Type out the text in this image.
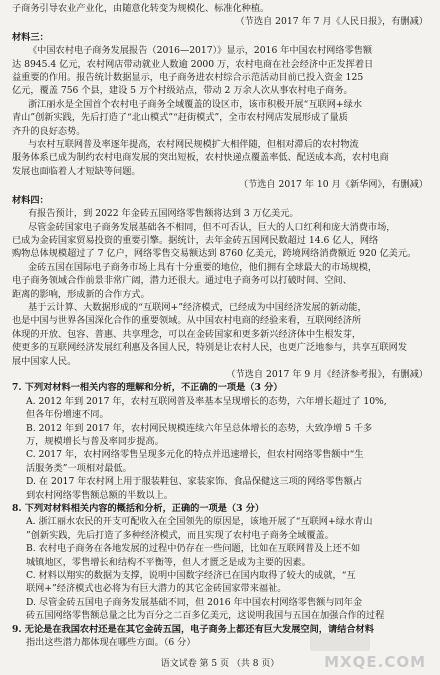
子商务引导农业产业化，由随意化转变为规模化、标准化种植。
（节选自 2017 年 7 月《人民日报》，有删减）
材料三：
《中国农村电子商务发展报告（2016—2017）》显示，2016 年中国农村网络零售额
达 8945.4 亿元，农村网店带动就业人数逾 2000 万，农村电商在社会经济中正发挥着日
益重要的作用。报告统计数据显示，电子商务进农村综合示范活动目前已投入资金 125
亿元，覆盖 756 个县，建设 5 万个村级站点，带动 2 万余人次从事农村电子商务。
浙江丽水是全国首个农村电子商务全域覆盖的设区市，该市积极开展“互联网+绿水
青山”创新实践，先后打造了“北山模式”“赶街模式”，全市农村网店发展形成了量质
齐升的良好态势。
与农村互联网普及率逐年提高，农村网民规模扩大相伴随，但相对滞后的农村物流
服务体系已成为制约农村电商发展的突出短板，农村快递点覆盖率低、配送成本高，农村电商
发展也面临着人才短缺等问题。
（节选自 2017 年 10 月《新华网》，有删减）
材料四：
有报告预计，到 2022 年金砖五国网络零售额将达到 3 万亿美元。
尽管金砖国家电子商务发展基础各不相同，但不可否认，巨大的人口红利和庞大消费市场，
已成为金砖国家贸易投资的重要引擎。据统计，去年金砖五国网民数超过 14.6 亿人，网络
购物总体规模超过了 7 亿户，网络零售交易额达到 8760 亿美元，跨境网络消费额近 920 亿美元。
金砖五国在国际电子商务市场上具有十分重要的地位，他们拥有全球最大的市场规模，
电子商务领域合作前景非常广阔，潜力还很大。通过电子商务可以打破时间、空间、
距离的影响，形成新的合作方式。
基于云计算、大数据形成的“互联网+”经济模式，已经成为中国经济发展的新动能，
也是中国与世界各国深化合作的重要领域。从中国农村电商的经验来看，互联网经济所
体现的开放、包容、普惠、共享理念，可以在金砖国家和更多新兴经济体中生根发芽，
使更多的互联网经济发展红利惠及各国人民，特别是让农村人民，也更广泛地参与，共享互联网发
展中国家人民。
（节选自 2017 年 9 月《经济参考报》，有删减）
7. 下列对材料一相关内容的理解和分析，不正确的一项是（3 分）
A. 2012 年到 2017 年，农村互联网普及率基本呈现增长的态势，六年增长超过了 10%,
但各年份增速不同。
B. 2012 年到 2017 年，农村网民规模连续六年呈总体增长的态势，大致净增 5 千多
万，规模增长与普及率同步提高。
C. 2017 年，农村网络零售呈现多元化的特点并迅速增长，但农村网络零售额中“生
活服务类”一项相对最低。
D. 在 2017 年农村网上用于服装鞋包、家装家饰、食品保健这三项的网络零售额占
到农村网络零售额总额的半数以上。
8. 下列对材料相关内容的概括和分析，正确的一项是（3 分）
A. 浙江丽水农民的开支可配收入在全国领先的原因是，该地开展了“互联网+绿水青山
”创新实践，先后打造了多种经济模式，而且实现了农村电子商务全域覆盖。
B. 农村电子商务在各地发展的过程中仍存在一些问题，比如在互联网普及上还不如
城镇地区，零售增长和结构不平衡等，但人才匮乏是成为主要的因素。
C. 材料以翔实的数据为支撑，说明中国数字经济已在国内取得了较大的成就，“互
联网+”经济模式也必将为有巨大潜力的其它金砖国家带来福祉。
D. 尽管金砖五国电子商务发展基础不同，但 2016 年中国农村网络零售额与同年金
砖五国网络零售额总量之比为百分之二百多亿美元，这说明我国与五国在加强合作的过程
9. 无论是在我国农村还是在其它金砖五国，电子商务上都还有巨大发展空间，请结合材料
指出这些潜力都体现在哪些方面。（6 分）
语文试卷 第 5 页 （共 8 页）	MXQE.COM
